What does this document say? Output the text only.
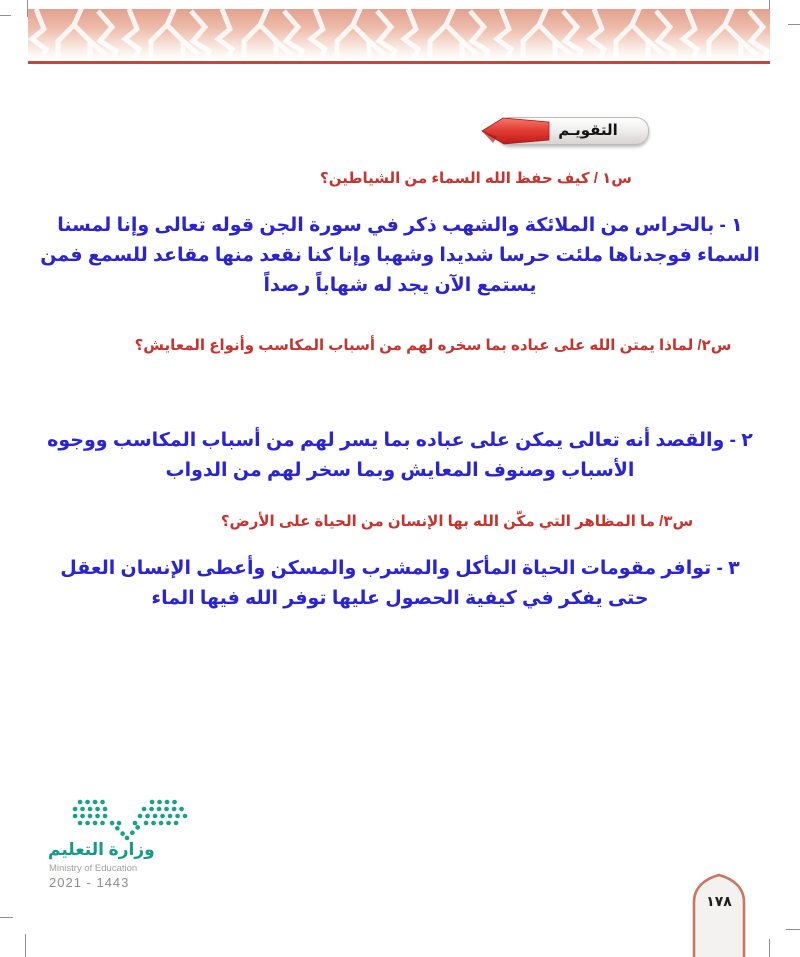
التقويـم
س١ / كيف حفظ الله السماء من الشياطين؟
١ - بالحراس من الملائكة والشهب ذكر في سورة الجن قوله تعالى وإنا لمسنا السماء فوجدناها ملئت حرسا شديدا وشهبا وإنا كنا نقعد منها مقاعد للسمع فمن يستمع الآن يجد له شهاباً رصداً
س٢/ لماذا يمتن الله على عباده بما سخره لهم من أسباب المكاسب وأنواع المعايش؟
٢ - والقصد أنه تعالى يمكن على عباده بما يسر لهم من أسباب المكاسب ووجوه الأسباب وصنوف المعايش وبما سخر لهم من الدواب
س٣/ ما المظاهر التي مكّن الله بها الإنسان من الحياة على الأرض؟
٣ - توافر مقومات الحياة المأكل والمشرب والمسكن وأعطى الإنسان العقل حتى يفكر في كيفية الحصول عليها توفر الله فيها الماء
وزارة التعليم
Ministry of Education
2021 - 1443
١٧٨
